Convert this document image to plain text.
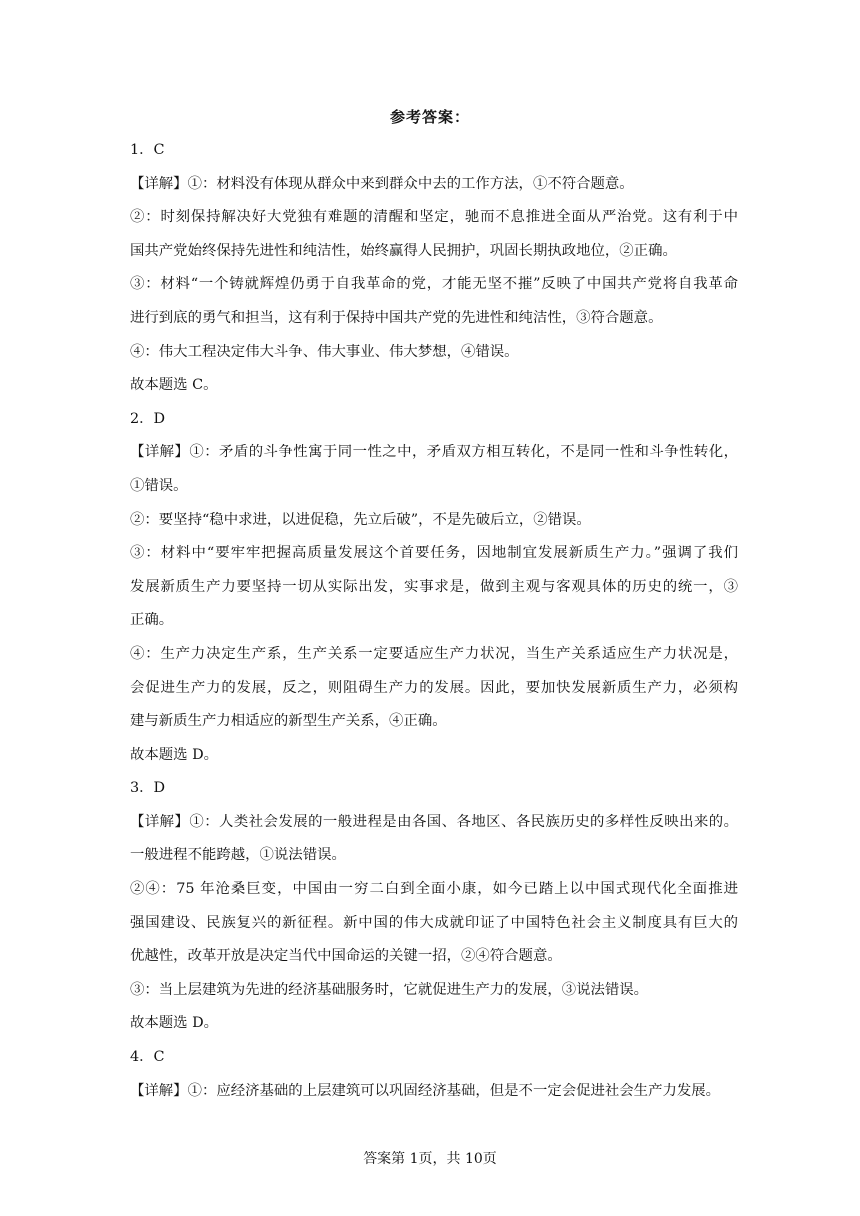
参考答案：
1．C
【详解】①：材料没有体现从群众中来到群众中去的工作方法，①不符合题意。
②：时刻保持解决好大党独有难题的清醒和坚定，驰而不息推进全面从严治党。这有利于中
国共产党始终保持先进性和纯洁性，始终赢得人民拥护，巩固长期执政地位，②正确。
③：材料“一个铸就辉煌仍勇于自我革命的党，才能无坚不摧”反映了中国共产党将自我革命
进行到底的勇气和担当，这有利于保持中国共产党的先进性和纯洁性，③符合题意。
④：伟大工程决定伟大斗争、伟大事业、伟大梦想，④错误。
故本题选 C。
2．D
【详解】①：矛盾的斗争性寓于同一性之中，矛盾双方相互转化，不是同一性和斗争性转化，
①错误。
②：要坚持“稳中求进，以进促稳，先立后破”，不是先破后立，②错误。
③：材料中“要牢牢把握高质量发展这个首要任务，因地制宜发展新质生产力。”强调了我们
发展新质生产力要坚持一切从实际出发，实事求是，做到主观与客观具体的历史的统一，③
正确。
④：生产力决定生产系，生产关系一定要适应生产力状况，当生产关系适应生产力状况是，
会促进生产力的发展，反之，则阻碍生产力的发展。因此，要加快发展新质生产力，必须构
建与新质生产力相适应的新型生产关系，④正确。
故本题选 D。
3．D
【详解】①：人类社会发展的一般进程是由各国、各地区、各民族历史的多样性反映出来的。
一般进程不能跨越，①说法错误。
②④：75 年沧桑巨变，中国由一穷二白到全面小康，如今已踏上以中国式现代化全面推进
强国建设、民族复兴的新征程。新中国的伟大成就印证了中国特色社会主义制度具有巨大的
优越性，改革开放是决定当代中国命运的关键一招，②④符合题意。
③：当上层建筑为先进的经济基础服务时，它就促进生产力的发展，③说法错误。
故本题选 D。
4．C
【详解】①：应经济基础的上层建筑可以巩固经济基础，但是不一定会促进社会生产力发展。
答案第 1页，共 10页
